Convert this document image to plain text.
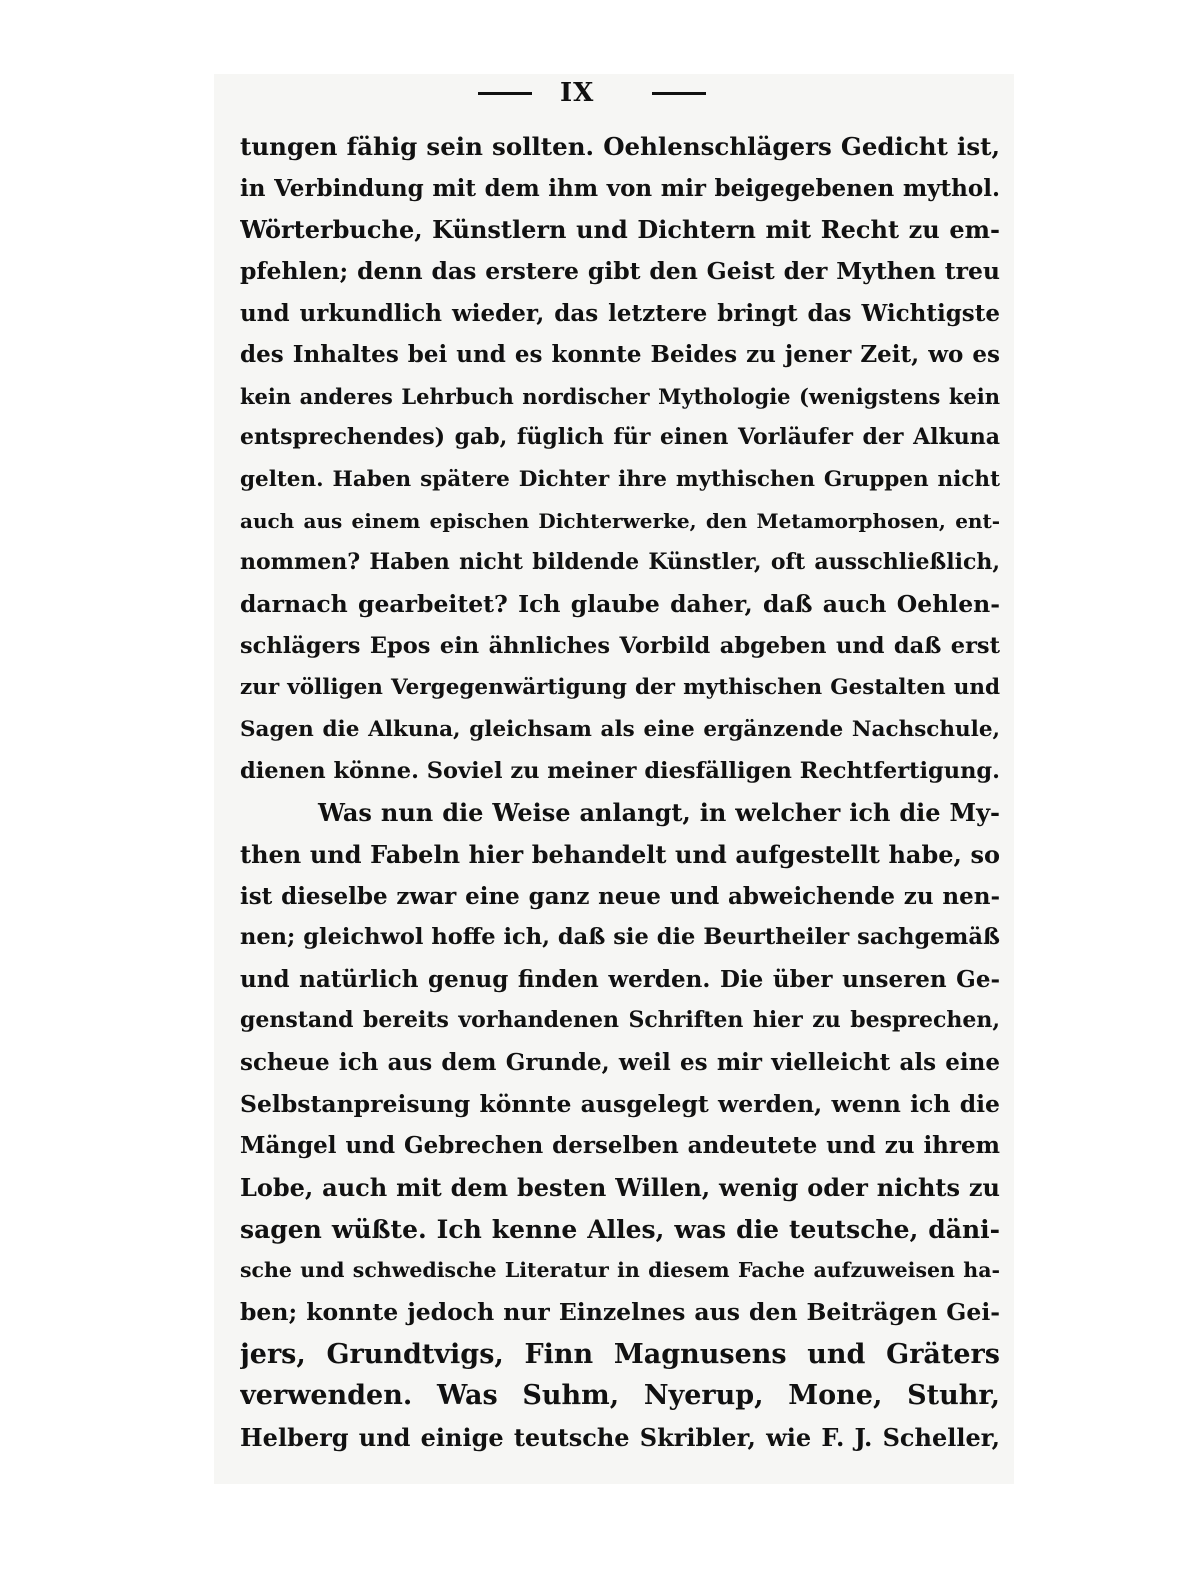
IX
tungen fähig sein sollten. Oehlenschlägers Gedicht ist,
in Verbindung mit dem ihm von mir beigegebenen mythol.
Wörterbuche, Künstlern und Dichtern mit Recht zu em-
pfehlen; denn das erstere gibt den Geist der Mythen treu
und urkundlich wieder, das letztere bringt das Wichtigste
des Inhaltes bei und es konnte Beides zu jener Zeit, wo es
kein anderes Lehrbuch nordischer Mythologie (wenigstens kein
entsprechendes) gab, füglich für einen Vorläufer der Alkuna
gelten. Haben spätere Dichter ihre mythischen Gruppen nicht
auch aus einem epischen Dichterwerke, den Metamorphosen, ent-
nommen? Haben nicht bildende Künstler, oft ausschließlich,
darnach gearbeitet? Ich glaube daher, daß auch Oehlen-
schlägers Epos ein ähnliches Vorbild abgeben und daß erst
zur völligen Vergegenwärtigung der mythischen Gestalten und
Sagen die Alkuna, gleichsam als eine ergänzende Nachschule,
dienen könne. Soviel zu meiner diesfälligen Rechtfertigung.
Was nun die Weise anlangt, in welcher ich die My-
then und Fabeln hier behandelt und aufgestellt habe, so
ist dieselbe zwar eine ganz neue und abweichende zu nen-
nen; gleichwol hoffe ich, daß sie die Beurtheiler sachgemäß
und natürlich genug finden werden. Die über unseren Ge-
genstand bereits vorhandenen Schriften hier zu besprechen,
scheue ich aus dem Grunde, weil es mir vielleicht als eine
Selbstanpreisung könnte ausgelegt werden, wenn ich die
Mängel und Gebrechen derselben andeutete und zu ihrem
Lobe, auch mit dem besten Willen, wenig oder nichts zu
sagen wüßte. Ich kenne Alles, was die teutsche, däni-
sche und schwedische Literatur in diesem Fache aufzuweisen ha-
ben; konnte jedoch nur Einzelnes aus den Beiträgen Gei-
jers, Grundtvigs, Finn Magnusens und Gräters
verwenden. Was Suhm, Nyerup, Mone, Stuhr,
Helberg und einige teutsche Skribler, wie F. J. Scheller,
